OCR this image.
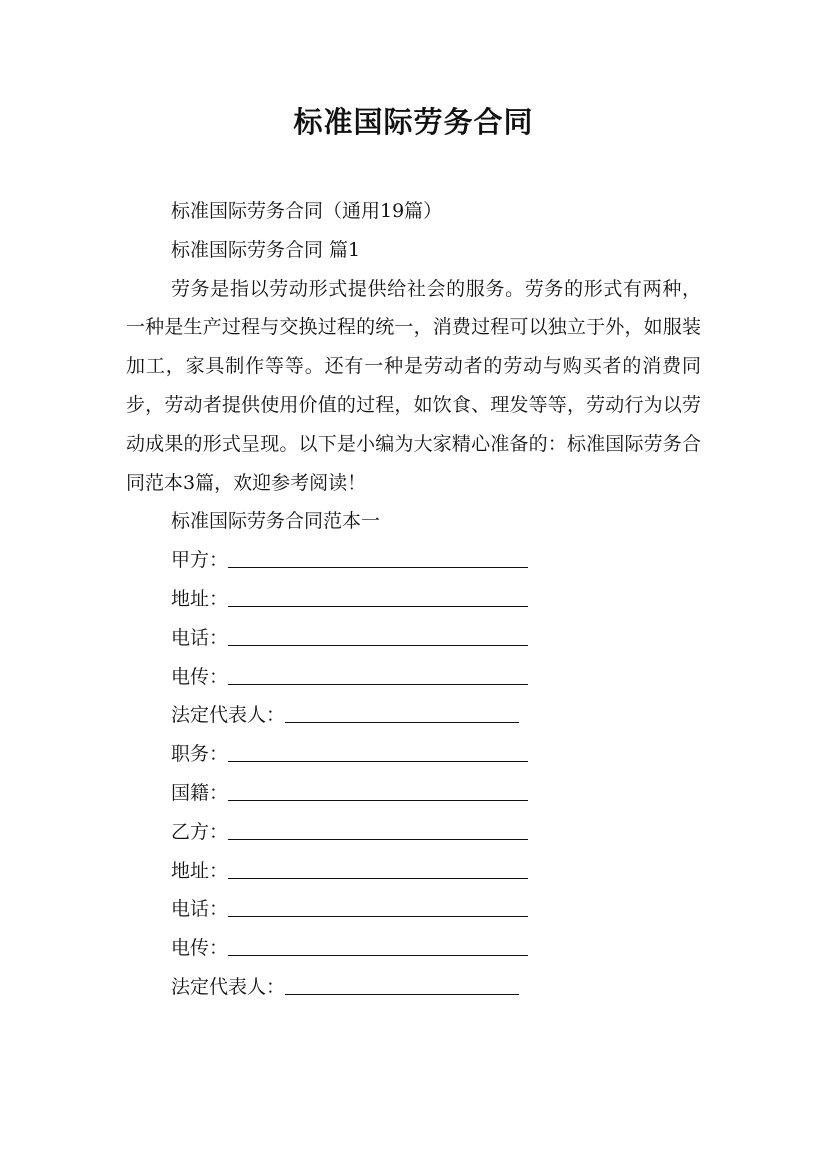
标准国际劳务合同
标准国际劳务合同（通用19篇）
标准国际劳务合同 篇1

劳务是指以劳动形式提供给社会的服务。劳务的形式有两种，一种是生产过程与交换过程的统一，消费过程可以独立于外，如服装加工，家具制作等等。还有一种是劳动者的劳动与购买者的消费同步，劳动者提供使用价值的过程，如饮食、理发等等，劳动行为以劳动成果的形式呈现。以下是小编为大家精心准备的：标准国际劳务合同范本3篇，欢迎参考阅读！

标准国际劳务合同范本一
甲方：
地址：
电话：
电传：
法定代表人：
职务：
国籍：
乙方：
地址：
电话：
电传：
法定代表人：
